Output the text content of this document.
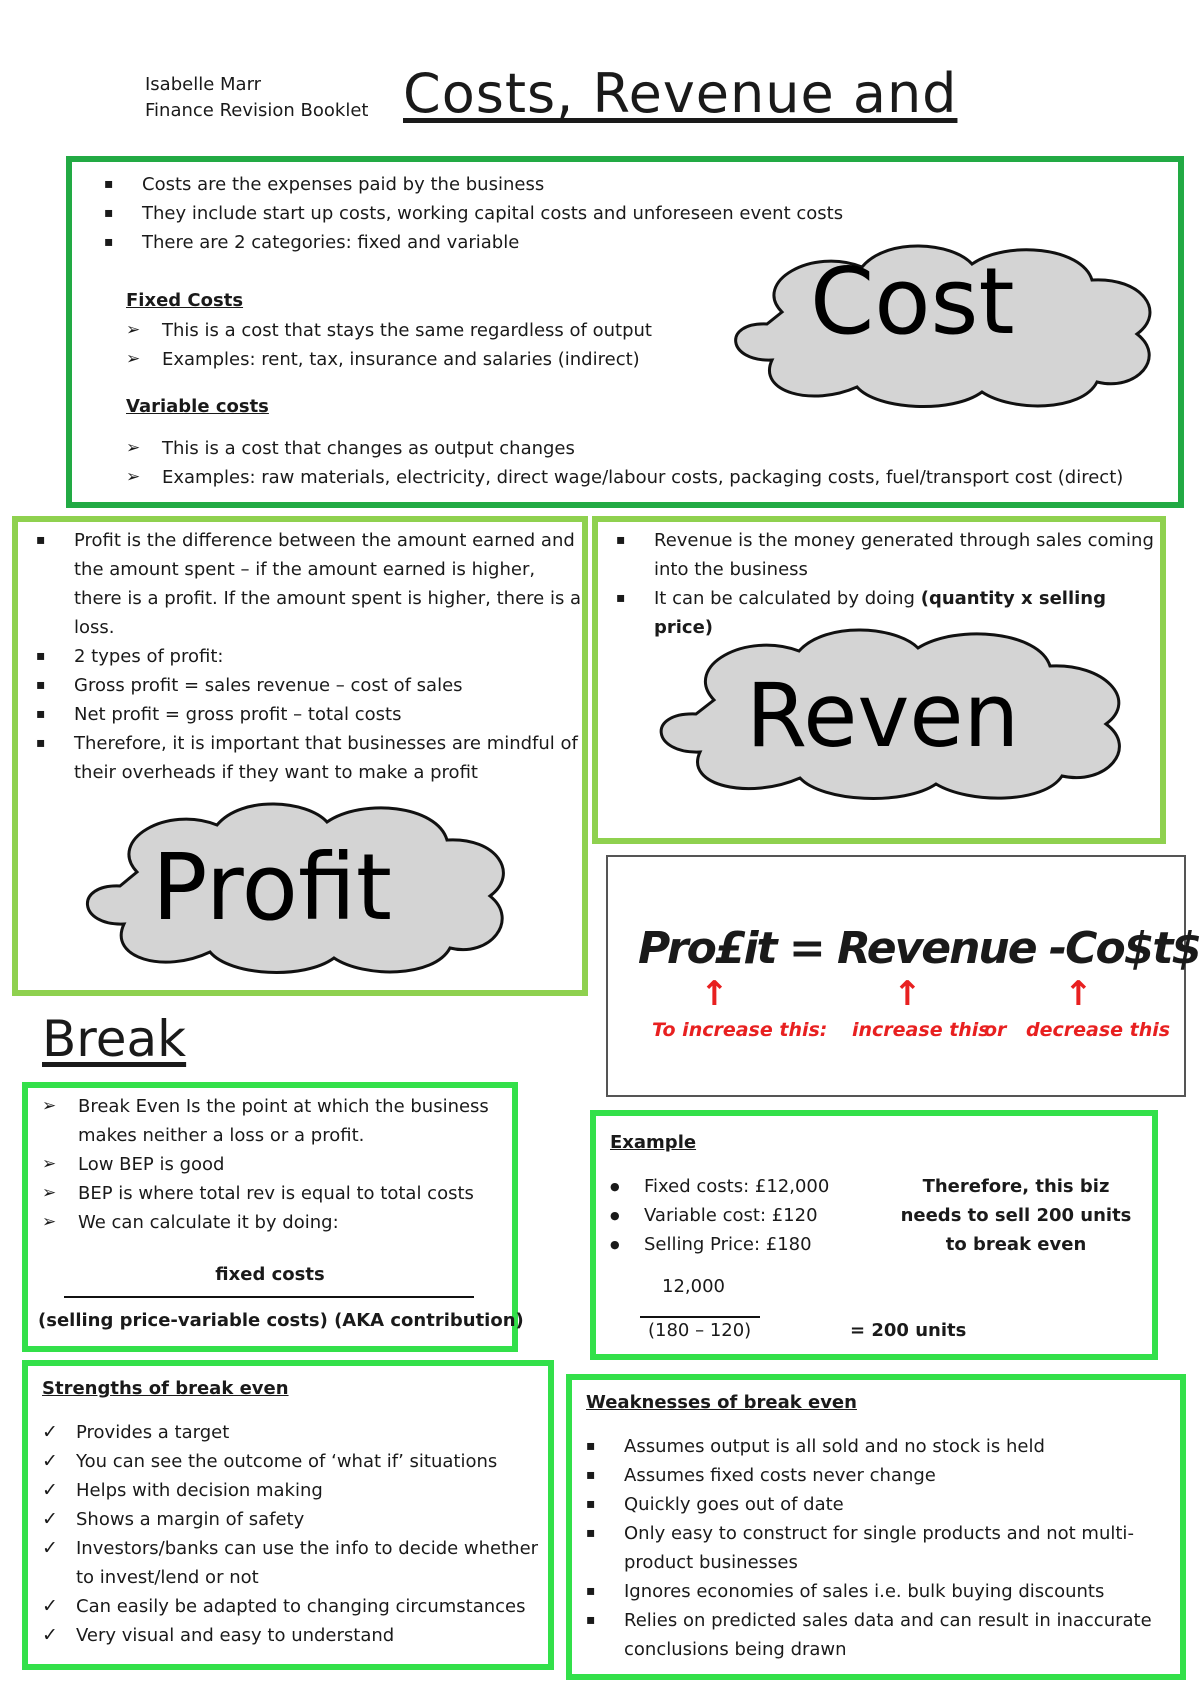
Isabelle Marr
Finance Revision Booklet Costs, Revenue and
▪ Costs are the expenses paid by the business
▪ They include start up costs, working capital costs and unforeseen event costs
▪ There are 2 categories: fixed and variable
Fixed Costs
➢ This is a cost that stays the same regardless of output
➢ Examples: rent, tax, insurance and salaries (indirect)
Variable costs
➢ This is a cost that changes as output changes
➢ Examples: raw materials, electricity, direct wage/labour costs, packaging costs, fuel/transport cost (direct)
Cost
▪ Profit is the difference between the amount earned and the amount spent – if the amount earned is higher, there is a profit. If the amount spent is higher, there is a loss.
▪ 2 types of profit:
▪ Gross profit = sales revenue – cost of sales
▪ Net profit = gross profit – total costs
▪ Therefore, it is important that businesses are mindful of their overheads if they want to make a profit
Profit
▪ Revenue is the money generated through sales coming into the business
▪ It can be calculated by doing (quantity x selling price)
Reven
Pro£it = Revenue -Co$t$
↑	↑	↑
To increase this: increase this
or decrease this
Break
➢ Break Even Is the point at which the business makes neither a loss or a profit.
➢ Low BEP is good
➢ BEP is where total rev is equal to total costs
➢ We can calculate it by doing:
fixed costs
(selling price-variable costs) (AKA contribution)
Example
● Fixed costs: £12,000
● Variable cost: £120
● Selling Price: £180
Therefore, this biz
needs to sell 200 units
to break even
12,000
(180 – 120)	= 200 units
Strengths of break even
✓ Provides a target
✓ You can see the outcome of ‘what if’ situations
✓ Helps with decision making
✓ Shows a margin of safety
✓ Investors/banks can use the info to decide whether to invest/lend or not
✓ Can easily be adapted to changing circumstances
✓ Very visual and easy to understand
Weaknesses of break even
▪ Assumes output is all sold and no stock is held
▪ Assumes fixed costs never change
▪ Quickly goes out of date
▪ Only easy to construct for single products and not multi-product businesses
▪ Ignores economies of sales i.e. bulk buying discounts
▪ Relies on predicted sales data and can result in inaccurate conclusions being drawn
